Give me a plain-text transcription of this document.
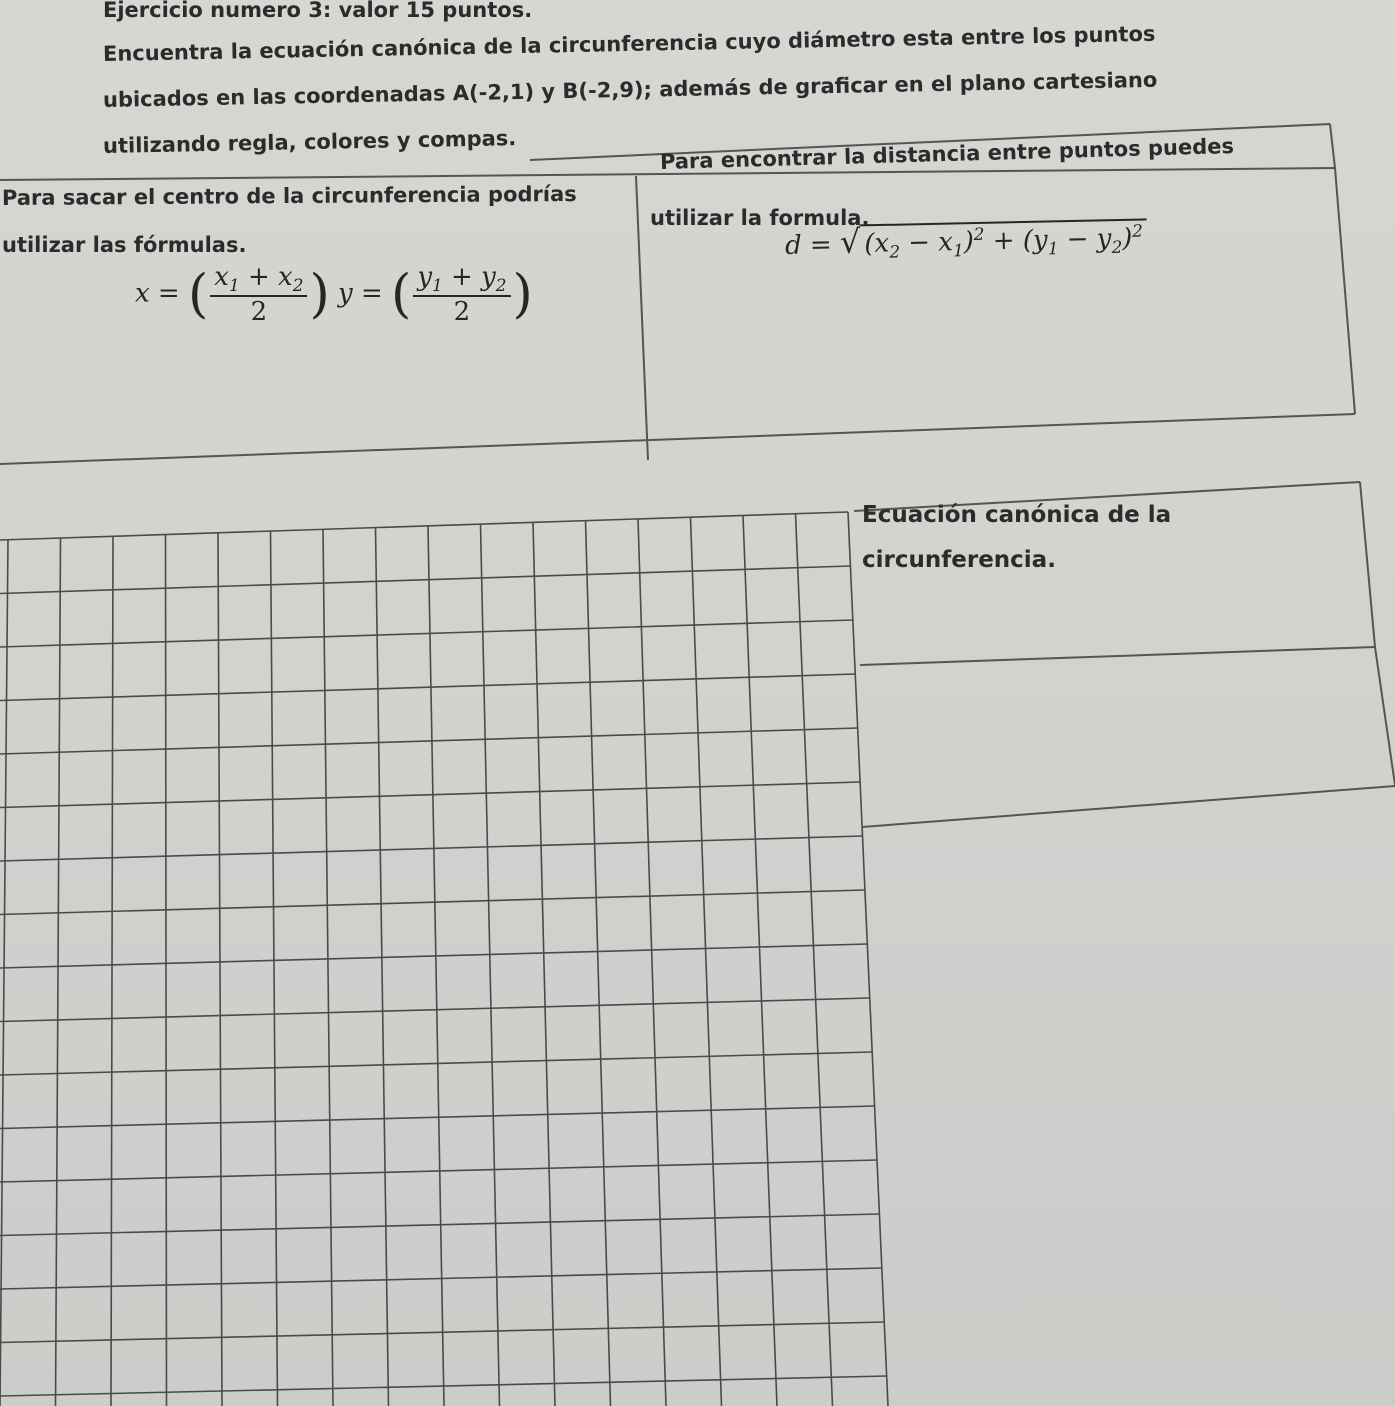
Ejercicio numero 3: valor 15 puntos.
Encuentra la ecuación canónica de la circunferencia cuyo diámetro esta entre los puntos
ubicados en las coordenadas A(-2,1) y B(-2,9); además de graficar en el plano cartesiano
utilizando regla, colores y compas.
Para sacar el centro de la circunferencia podrías
utilizar las fórmulas.
x = ( $\frac{x_1 + x_2}{2}$ ) y = ( $\frac{y_1 + y_2}{2}$ )
Para encontrar la distancia entre puntos puedes
utilizar la formula.
d = √ $(x_2 - x_1)^2 + (y_1 - y_2)^2$
Ecuación canónica de la
circunferencia.
